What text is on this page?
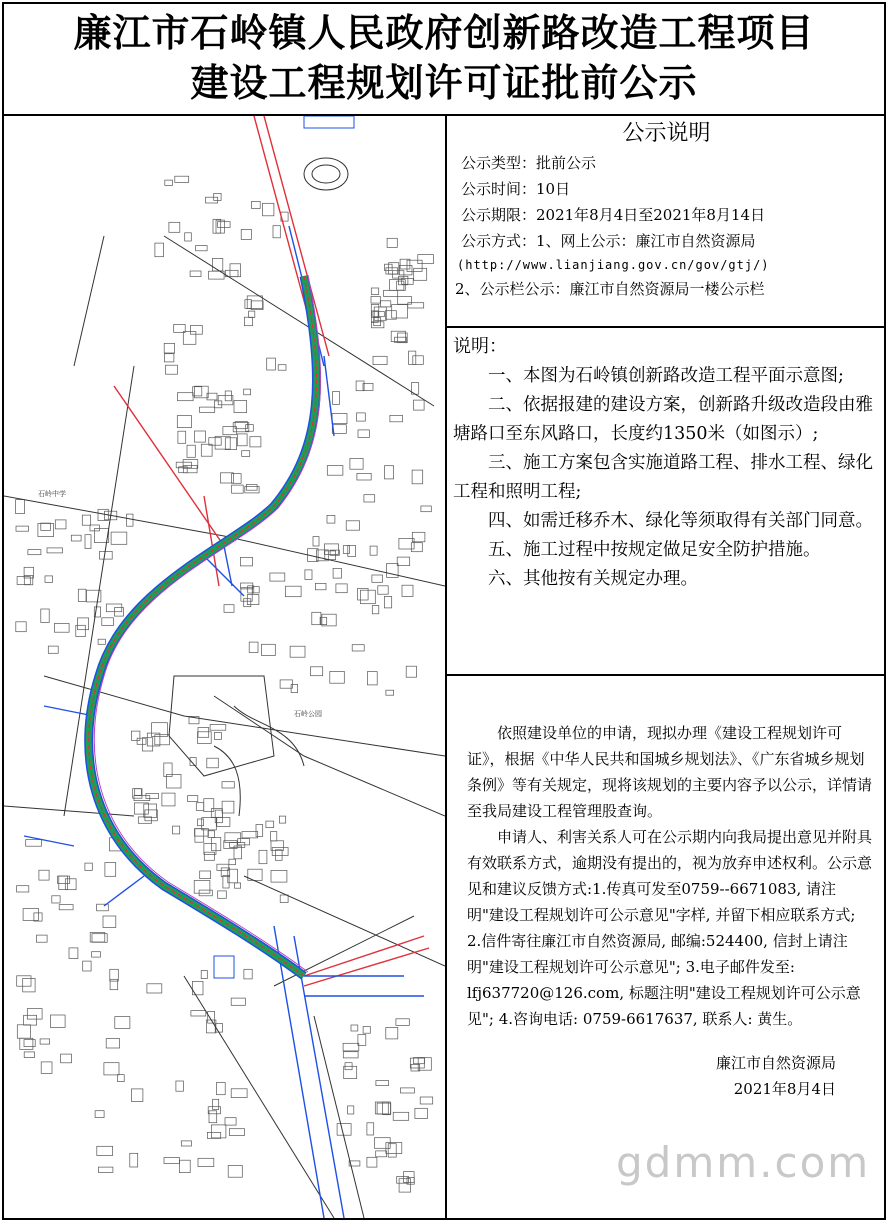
廉江市石岭镇人民政府创新路改造工程项目
建设工程规划许可证批前公示
石岭中学
石岭公园
公示说明
公示类型：批前公示
公示时间：10日
公示期限：2021年8月4日至2021年8月14日
公示方式：1、网上公示：廉江市自然资源局
(http://www.lianjiang.gov.cn/gov/gtj/)
2、公示栏公示：廉江市自然资源局一楼公示栏
说明：

一、本图为石岭镇创新路改造工程平面示意图;

二、依据报建的建设方案，创新路升级改造段由雅塘路口至东风路口，长度约1350米（如图示）;

三、施工方案包含实施道路工程、排水工程、绿化工程和照明工程;

四、如需迁移乔木、绿化等须取得有关部门同意。

五、施工过程中按规定做足安全防护措施。

六、其他按有关规定办理。

依照建设单位的申请，现拟办理《建设工程规划许可证》，根据《中华人民共和国城乡规划法》、《广东省城乡规划条例》等有关规定，现将该规划的主要内容予以公示，详情请至我局建设工程管理股查询。

申请人、利害关系人可在公示期内向我局提出意见并附具有效联系方式，逾期没有提出的，视为放弃申述权利。公示意见和建议反馈方式:1.传真可发至0759--6671083, 请注明"建设工程规划许可公示意见"字样, 并留下相应联系方式; 2.信件寄往廉江市自然资源局, 邮编:524400, 信封上请注明"建设工程规划许可公示意见"; 3.电子邮件发至: lfj637720@126.com, 标题注明"建设工程规划许可公示意见"; 4.咨询电话: 0759-6617637, 联系人: 黄生。

廉江市自然资源局
2021年8月4日
gdmm.com
